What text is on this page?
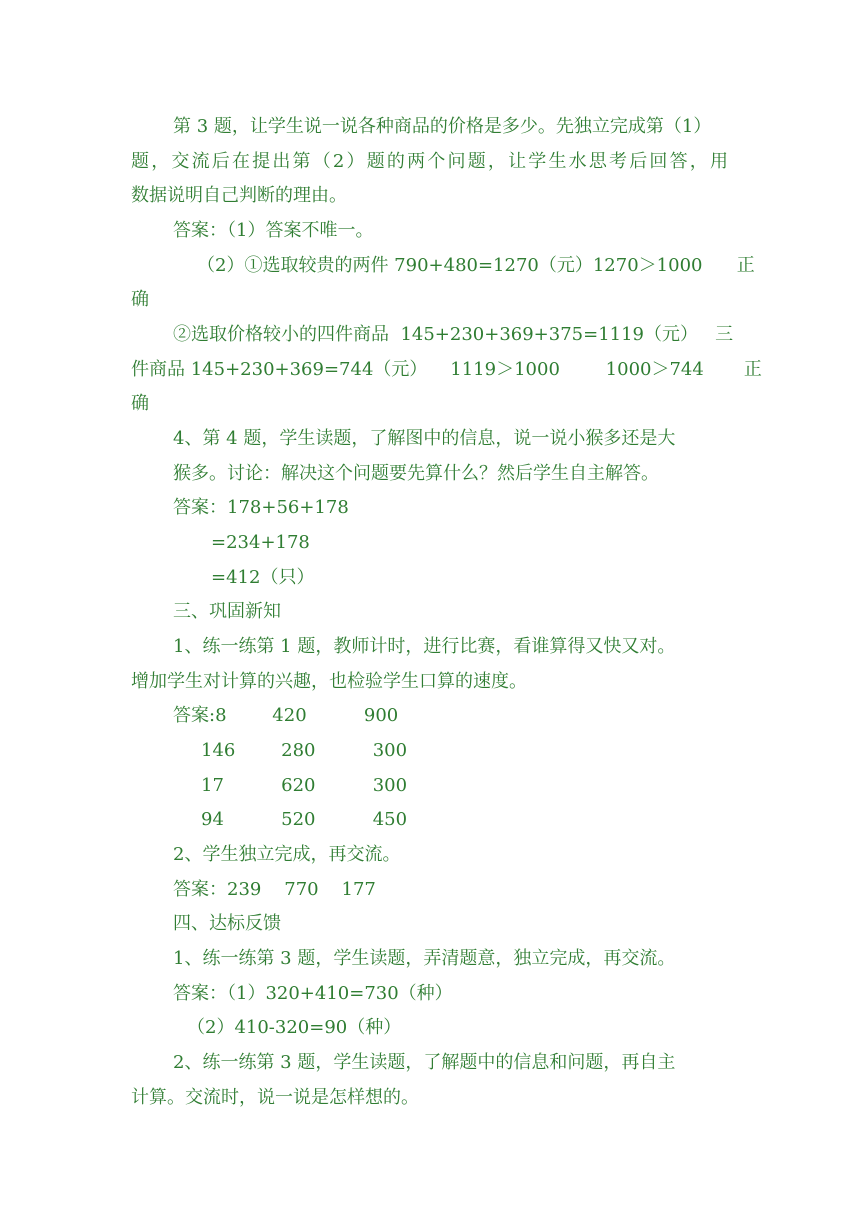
第 3 题，让学生说一说各种商品的价格是多少。先独立完成第（1）
题，交流后在提出第（2）题的两个问题，让学生水思考后回答，用
数据说明自己判断的理由。
答案：（1）答案不唯一。
（2）①选取较贵的两件 790+480=1270（元）1270＞1000      正
确
②选取价格较小的四件商品  145+230+369+375=1119（元）   三
件商品 145+230+369=744（元）    1119＞1000        1000＞744       正
确
4、第 4 题，学生读题，了解图中的信息，说一说小猴多还是大
猴多。讨论：解决这个问题要先算什么？然后学生自主解答。
答案：178+56+178
=234+178
=412（只）
三、巩固新知
1、练一练第 1 题，教师计时，进行比赛，看谁算得又快又对。
增加学生对计算的兴趣，也检验学生口算的速度。
答案:8        420          900
146        280          300
17          620          300
94          520          450
2、学生独立完成，再交流。
答案：239    770    177
四、达标反馈
1、练一练第 3 题，学生读题，弄清题意，独立完成，再交流。
答案：（1）320+410=730（种）
（2）410-320=90（种）
2、练一练第 3 题，学生读题，了解题中的信息和问题，再自主
计算。交流时，说一说是怎样想的。
